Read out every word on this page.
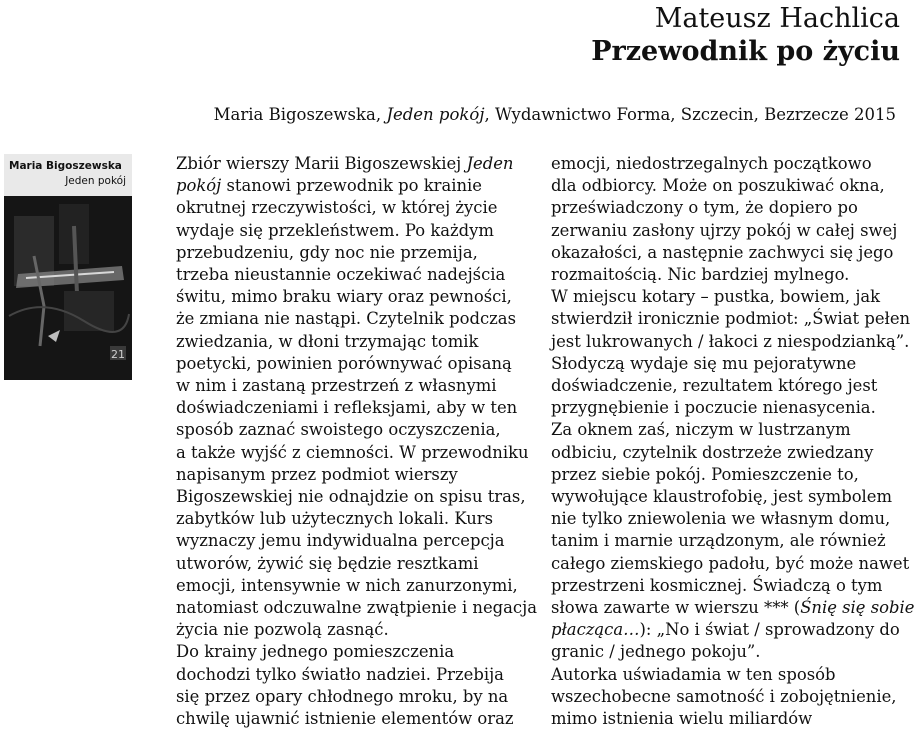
Mateusz Hachlica
Przewodnik po życiu
Maria Bigoszewska, Jeden pokój, Wydawnictwo Forma, Szczecin, Bezrzecze 2015
Maria Bigoszewska
Jeden pokój
21
Zbiór wierszy Marii Bigoszewskiej Jeden
pokój stanowi przewodnik po krainie
okrutnej rzeczywistości, w której życie
wydaje się przekleństwem. Po każdym
przebudzeniu, gdy noc nie przemija,
trzeba nieustannie oczekiwać nadejścia
świtu, mimo braku wiary oraz pewności,
że zmiana nie nastąpi. Czytelnik podczas
zwiedzania, w dłoni trzymając tomik
poetycki, powinien porównywać opisaną
w nim i zastaną przestrzeń z własnymi
doświadczeniami i refleksjami, aby w ten
sposób zaznać swoistego oczyszczenia,
a także wyjść z ciemności. W przewodniku
napisanym przez podmiot wierszy
Bigoszewskiej nie odnajdzie on spisu tras,
zabytków lub użytecznych lokali. Kurs
wyznaczy jemu indywidualna percepcja
utworów, żywić się będzie resztkami
emocji, intensywnie w nich zanurzonymi,
natomiast odczuwalne zwątpienie i negacja
życia nie pozwolą zasnąć.
Do krainy jednego pomieszczenia
dochodzi tylko światło nadziei. Przebija
się przez opary chłodnego mroku, by na
chwilę ujawnić istnienie elementów oraz
emocji, niedostrzegalnych początkowo
dla odbiorcy. Może on poszukiwać okna,
przeświadczony o tym, że dopiero po
zerwaniu zasłony ujrzy pokój w całej swej
okazałości, a następnie zachwyci się jego
rozmaitością. Nic bardziej mylnego.
W miejscu kotary – pustka, bowiem, jak
stwierdził ironicznie podmiot: „Świat pełen
jest lukrowanych / łakoci z niespodzianką”.
Słodyczą wydaje się mu pejoratywne
doświadczenie, rezultatem którego jest
przygnębienie i poczucie nienasycenia.
Za oknem zaś, niczym w lustrzanym
odbiciu, czytelnik dostrzeże zwiedzany
przez siebie pokój. Pomieszczenie to,
wywołujące klaustrofobię, jest symbolem
nie tylko zniewolenia we własnym domu,
tanim i marnie urządzonym, ale również
całego ziemskiego padołu, być może nawet
przestrzeni kosmicznej. Świadczą o tym
słowa zawarte w wierszu *** (Śnię się sobie
płacząca…): „No i świat / sprowadzony do
granic / jednego pokoju”.
Autorka uświadamia w ten sposób
wszechobecne samotność i zobojętnienie,
mimo istnienia wielu miliardów
